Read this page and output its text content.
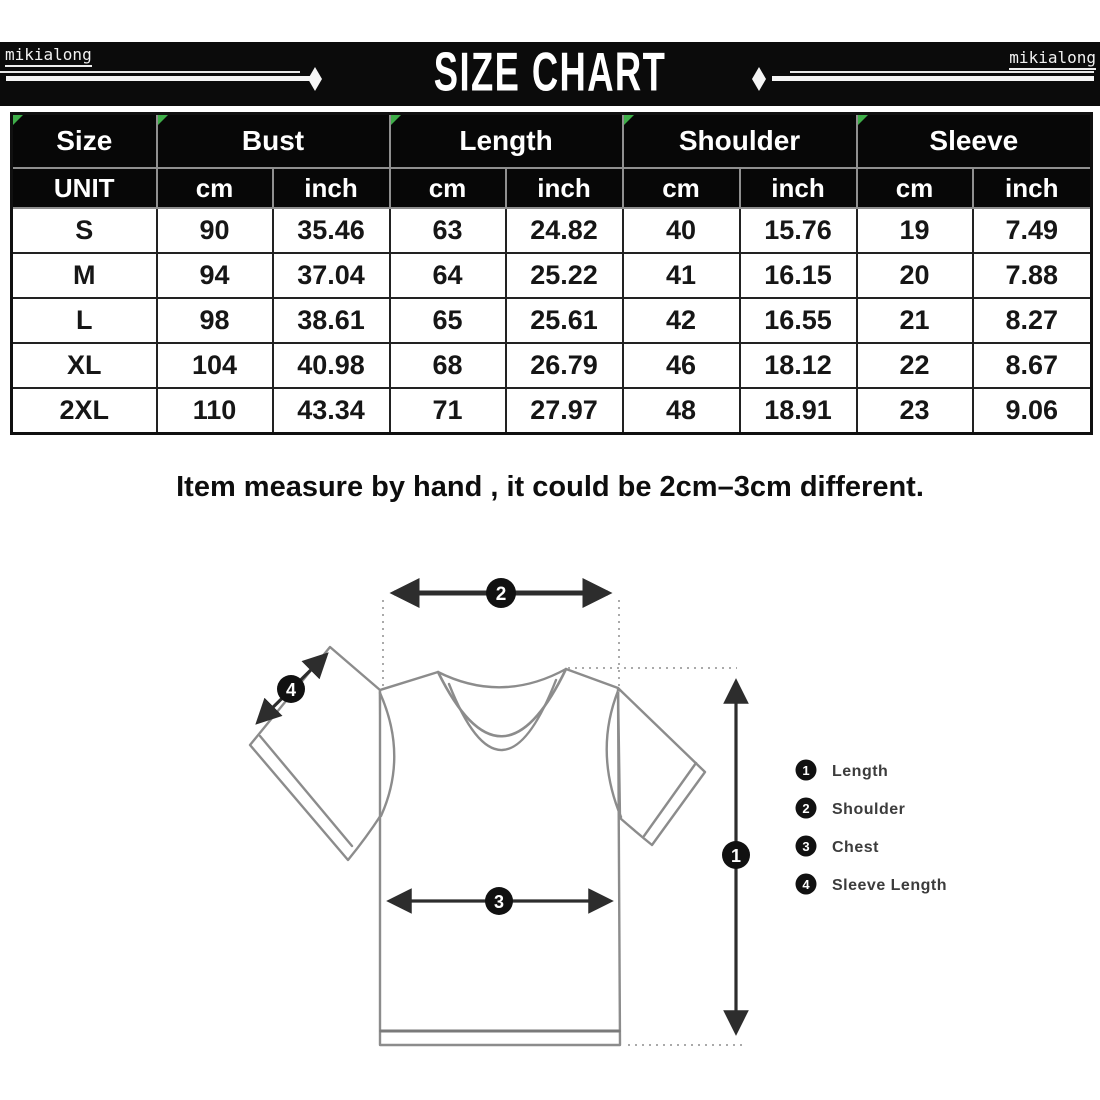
mikialong	SIZE CHART	mikialong
Size	Bust		Length		Shoulder		Sleeve	
UNIT	cm	inch	cm	inch	cm	inch	cm	inch
S	90	35.46	63	24.82	40	15.76	19	7.49
M	94	37.04	64	25.22	41	16.15	20	7.88
L	98	38.61	65	25.61	42	16.55	21	8.27
XL	104	40.98	68	26.79	46	18.12	22	8.67
2XL	110	43.34	71	27.97	48	18.91	23	9.06
Item measure by hand , it could be 2cm–3cm different.
2
1
3
4
1 Length
2 Shoulder
3 Chest
4 Sleeve Length
